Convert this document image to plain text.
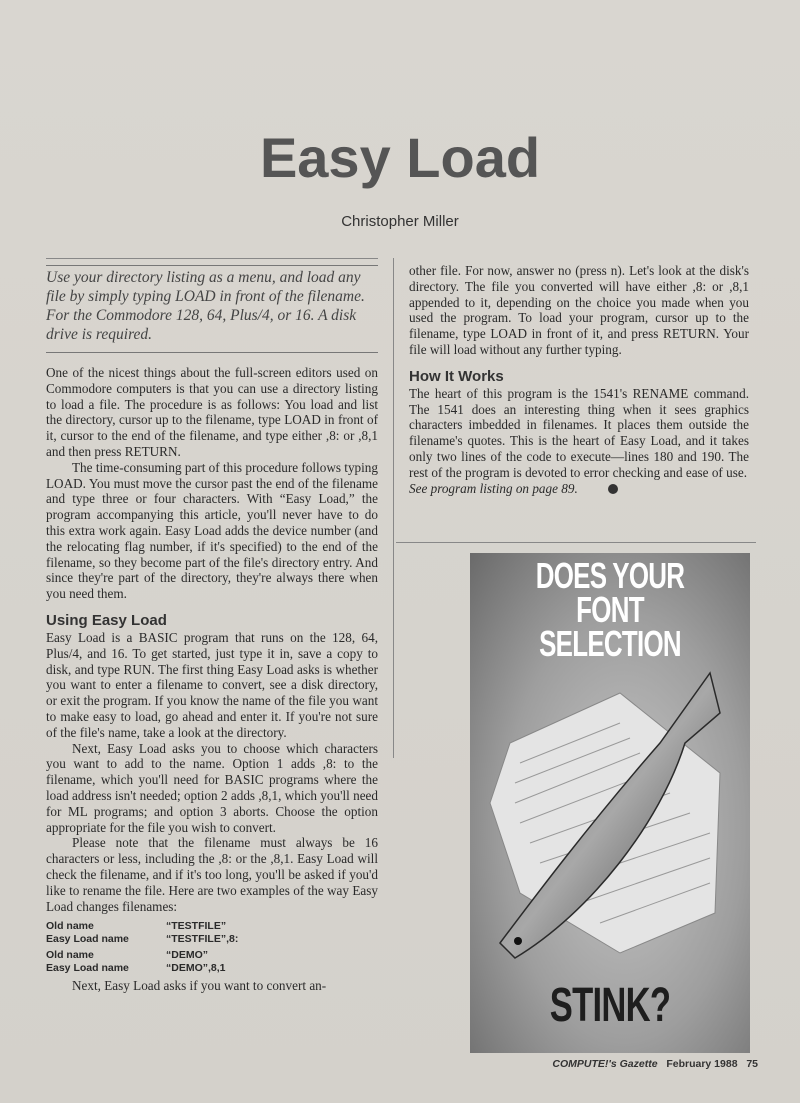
Easy Load
Christopher Miller

Use your directory listing as a menu, and load any file by simply typing LOAD in front of the filename. For the Commodore 128, 64, Plus/4, or 16. A disk drive is required.

One of the nicest things about the full-screen editors used on Commodore computers is that you can use a directory listing to load a file. The procedure is as follows: You load and list the directory, cursor up to the filename, type LOAD in front of it, cursor to the end of the filename, and type either ,8: or ,8,1 and then press RETURN.

The time-consuming part of this procedure follows typing LOAD. You must move the cursor past the end of the filename and type three or four characters. With “Easy Load,” the program accompanying this article, you'll never have to do this extra work again. Easy Load adds the device number (and the relocating flag number, if it's specified) to the end of the filename, so they become part of the file's directory entry. And since they're part of the directory, they're always there when you need them.

Using Easy Load

Easy Load is a BASIC program that runs on the 128, 64, Plus/4, and 16. To get started, just type it in, save a copy to disk, and type RUN. The first thing Easy Load asks is whether you want to enter a filename to convert, see a disk directory, or exit the program. If you know the name of the file you want to make easy to load, go ahead and enter it. If you're not sure of the file's name, take a look at the directory.

Next, Easy Load asks you to choose which characters you want to add to the name. Option 1 adds ,8: to the filename, which you'll need for BASIC programs where the load address isn't needed; option 2 adds ,8,1, which you'll need for ML programs; and option 3 aborts. Choose the option appropriate for the file you wish to convert.

Please note that the filename must always be 16 characters or less, including the ,8: or the ,8,1. Easy Load will check the filename, and if it's too long, you'll be asked if you'd like to rename the file. Here are two examples of the way Easy Load changes filenames:

Old name	“TESTFILE”
Easy Load name	“TESTFILE”,8:
Old name	“DEMO”
Easy Load name	“DEMO”,8,1

Next, Easy Load asks if you want to convert an-

other file. For now, answer no (press n). Let's look at the disk's directory. The file you converted will have either ,8: or ,8,1 appended to it, depending on the choice you made when you used the program. To load your program, cursor up to the filename, type LOAD in front of it, and press RETURN. Your file will load without any further typing.

How It Works

The heart of this program is the 1541's RENAME command. The 1541 does an interesting thing when it sees graphics characters imbedded in filenames. It places them outside the filename's quotes. This is the heart of Easy Load, and it takes only two lines of the code to execute—lines 180 and 190. The rest of the program is devoted to error checking and ease of use.

See program listing on page 89.

DOES YOUR FONT SELECTION
STINK?
COMPUTE!'s Gazette February 1988 75
